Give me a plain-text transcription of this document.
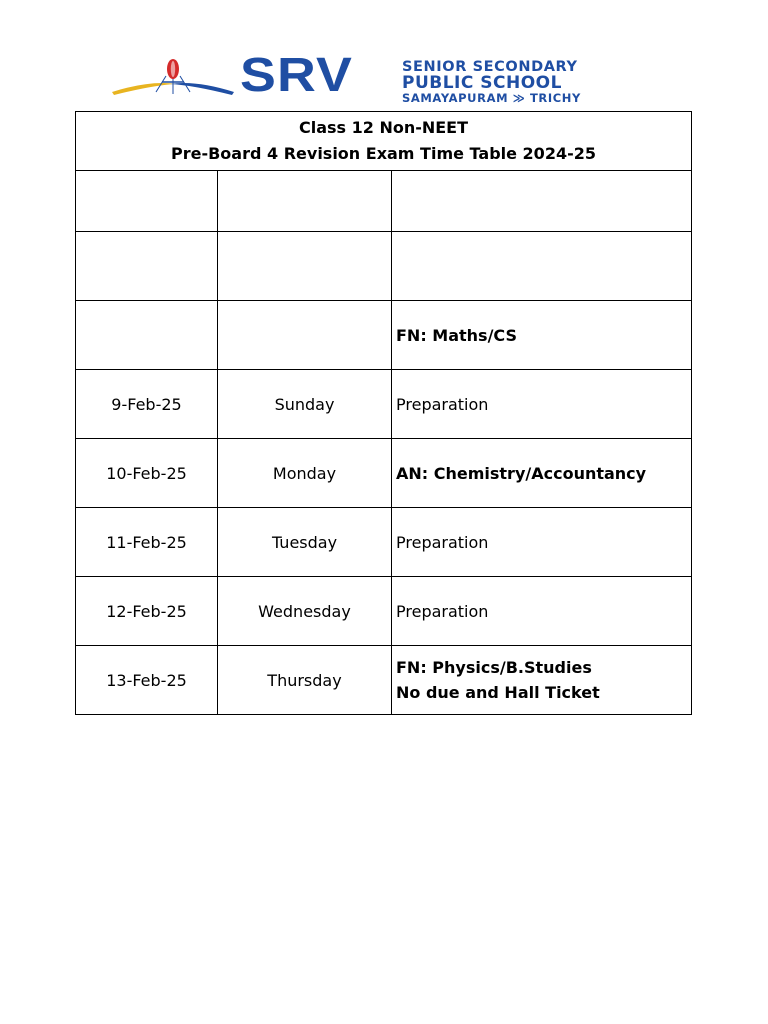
SRV	SENIOR SECONDARY
PUBLIC SCHOOL
SAMAYAPURAM ≫ TRICHY
Class 12 Non-NEET
Pre-Board 4 Revision Exam Time Table 2024-25		

		FN: Maths/CS

9-Feb-25	Sunday	Preparation

10-Feb-25	Monday	AN: Chemistry/Accountancy

11-Feb-25	Tuesday	Preparation

12-Feb-25	Wednesday	Preparation

13-Feb-25	Thursday	FN: Physics/B.Studies
No due and Hall Ticket
